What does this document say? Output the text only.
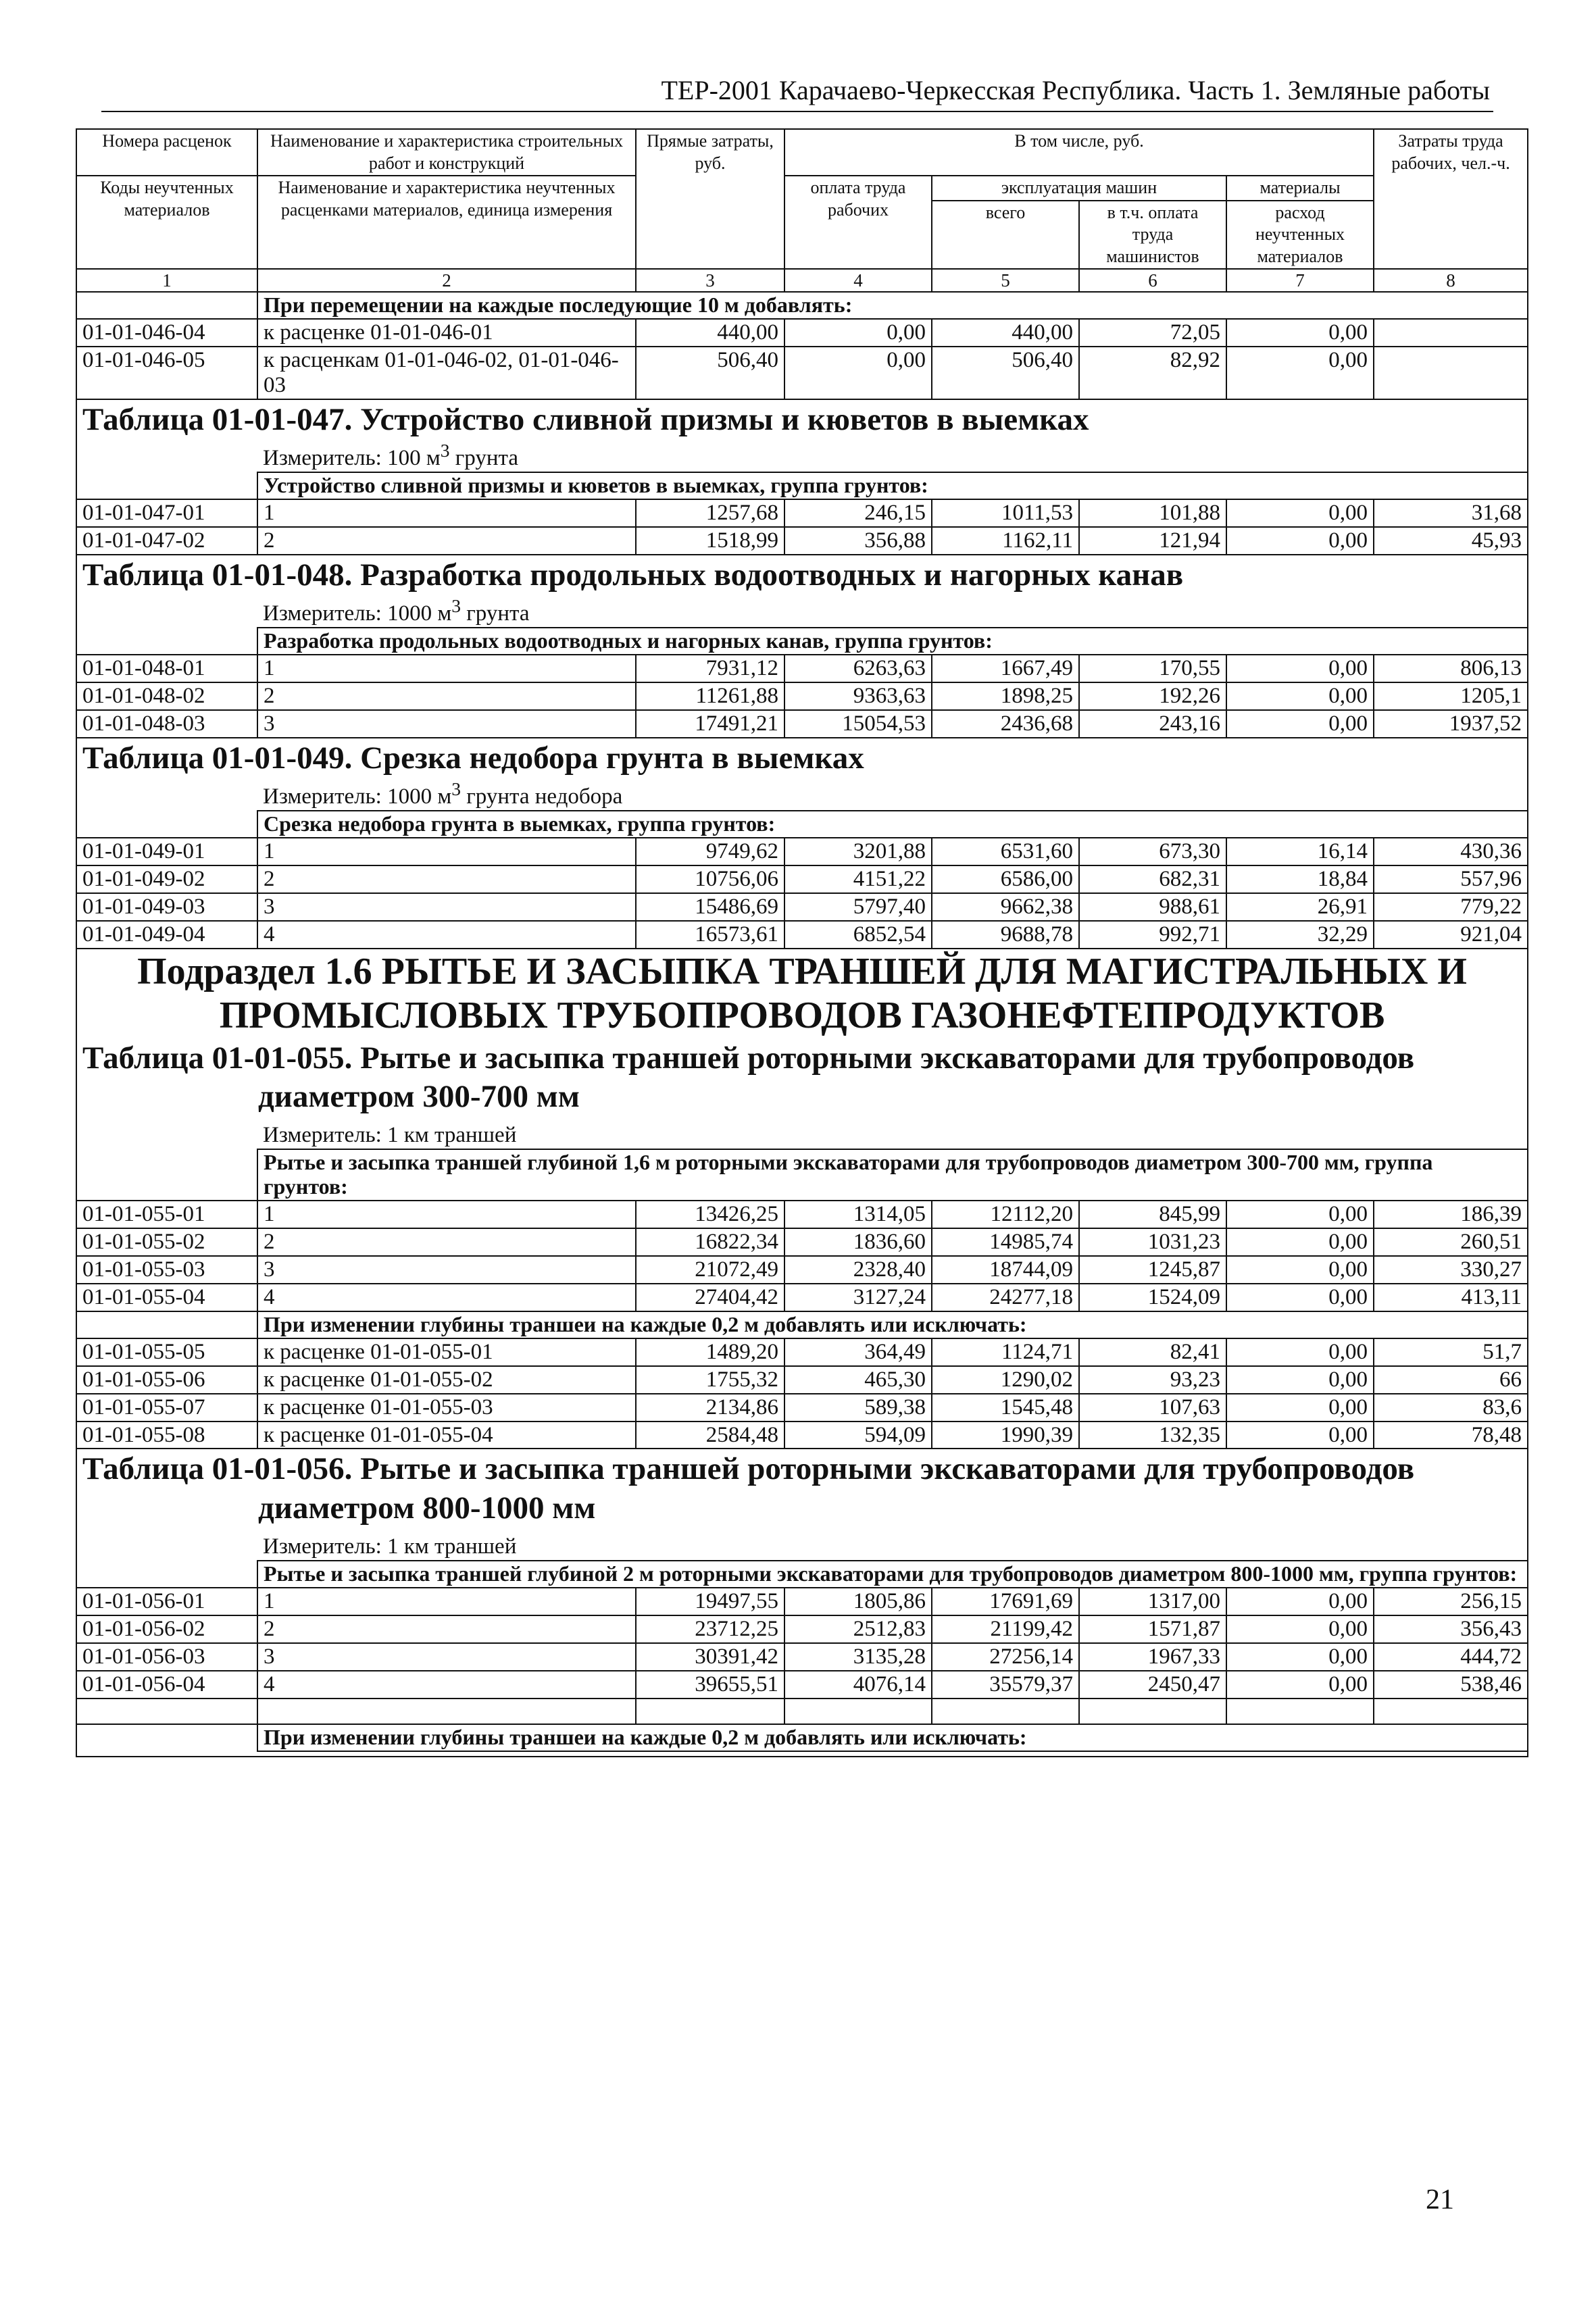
ТЕР-2001 Карачаево-Черкесская Республика. Часть 1. Земляные работы
Номера расценок	Наименование и характеристика строительных работ и конструкций	Прямые затраты, руб.	В том числе, руб.				Затраты труда рабочих, чел.-ч.
Коды неучтенных материалов	Наименование и характеристика неучтенных расценками материалов, единица измерения		оплата труда рабочих	эксплуатация машин		материалы	
				всего	в т.ч. оплата труда машинистов	расход неучтенных материалов	
1	2	3	4	5	6	7	8
	При перемещении на каждые последующие 10 м добавлять:						
01-01-046-04	к расценке 01-01-046-01	440,00	0,00	440,00	72,05	0,00	
01-01-046-05	к расценкам 01-01-046-02, 01-01-046-03	506,40	0,00	506,40	82,92	0,00	

Таблица 01-01-047. Устройство сливной призмы и кюветов в выемках							

	Измеритель: 100 $м^3$ грунта						
	Устройство сливной призмы и кюветов в выемках, группа грунтов:						
01-01-047-01	1	1257,68	246,15	1011,53	101,88	0,00	31,68
01-01-047-02	2	1518,99	356,88	1162,11	121,94	0,00	45,93

Таблица 01-01-048. Разработка продольных водоотводных и нагорных канав							

	Измеритель: 1000 $м^3$ грунта						
	Разработка продольных водоотводных и нагорных канав, группа грунтов:						
01-01-048-01	1	7931,12	6263,63	1667,49	170,55	0,00	806,13
01-01-048-02	2	11261,88	9363,63	1898,25	192,26	0,00	1205,1
01-01-048-03	3	17491,21	15054,53	2436,68	243,16	0,00	1937,52

Таблица 01-01-049. Срезка недобора грунта в выемках							

	Измеритель: 1000 $м^3$ грунта недобора						
	Срезка недобора грунта в выемках, группа грунтов:						
01-01-049-01	1	9749,62	3201,88	6531,60	673,30	16,14	430,36
01-01-049-02	2	10756,06	4151,22	6586,00	682,31	18,84	557,96
01-01-049-03	3	15486,69	5797,40	9662,38	988,61	26,91	779,22
01-01-049-04	4	16573,61	6852,54	9688,78	992,71	32,29	921,04
Подраздел 1.6 РЫТЬЕ И ЗАСЫПКА ТРАНШЕЙ ДЛЯ МАГИСТРАЛЬНЫХ И ПРОМЫСЛОВЫХ ТРУБОПРОВОДОВ ГАЗОНЕФТЕПРОДУКТОВ							

Таблица 01-01-055. Рытье и засыпка траншей роторными экскаваторами для трубопроводов диаметром 300-700 мм							

	Измеритель: 1 км траншей						
	Рытье и засыпка траншей глубиной 1,6 м роторными экскаваторами для трубопроводов диаметром 300-700 мм, группа грунтов:						
01-01-055-01	1	13426,25	1314,05	12112,20	845,99	0,00	186,39
01-01-055-02	2	16822,34	1836,60	14985,74	1031,23	0,00	260,51
01-01-055-03	3	21072,49	2328,40	18744,09	1245,87	0,00	330,27
01-01-055-04	4	27404,42	3127,24	24277,18	1524,09	0,00	413,11
	При изменении глубины траншеи на каждые 0,2 м добавлять или исключать:						
01-01-055-05	к расценке 01-01-055-01	1489,20	364,49	1124,71	82,41	0,00	51,7
01-01-055-06	к расценке 01-01-055-02	1755,32	465,30	1290,02	93,23	0,00	66
01-01-055-07	к расценке 01-01-055-03	2134,86	589,38	1545,48	107,63	0,00	83,6
01-01-055-08	к расценке 01-01-055-04	2584,48	594,09	1990,39	132,35	0,00	78,48

Таблица 01-01-056. Рытье и засыпка траншей роторными экскаваторами для трубопроводов диаметром 800-1000 мм							

	Измеритель: 1 км траншей						
	Рытье и засыпка траншей глубиной 2 м роторными экскаваторами для трубопроводов диаметром 800-1000 мм, группа грунтов:						
01-01-056-01	1	19497,55	1805,86	17691,69	1317,00	0,00	256,15
01-01-056-02	2	23712,25	2512,83	21199,42	1571,87	0,00	356,43
01-01-056-03	3	30391,42	3135,28	27256,14	1967,33	0,00	444,72
01-01-056-04	4	39655,51	4076,14	35579,37	2450,47	0,00	538,46

	При изменении глубины траншеи на каждые 0,2 м добавлять или исключать:						

21
